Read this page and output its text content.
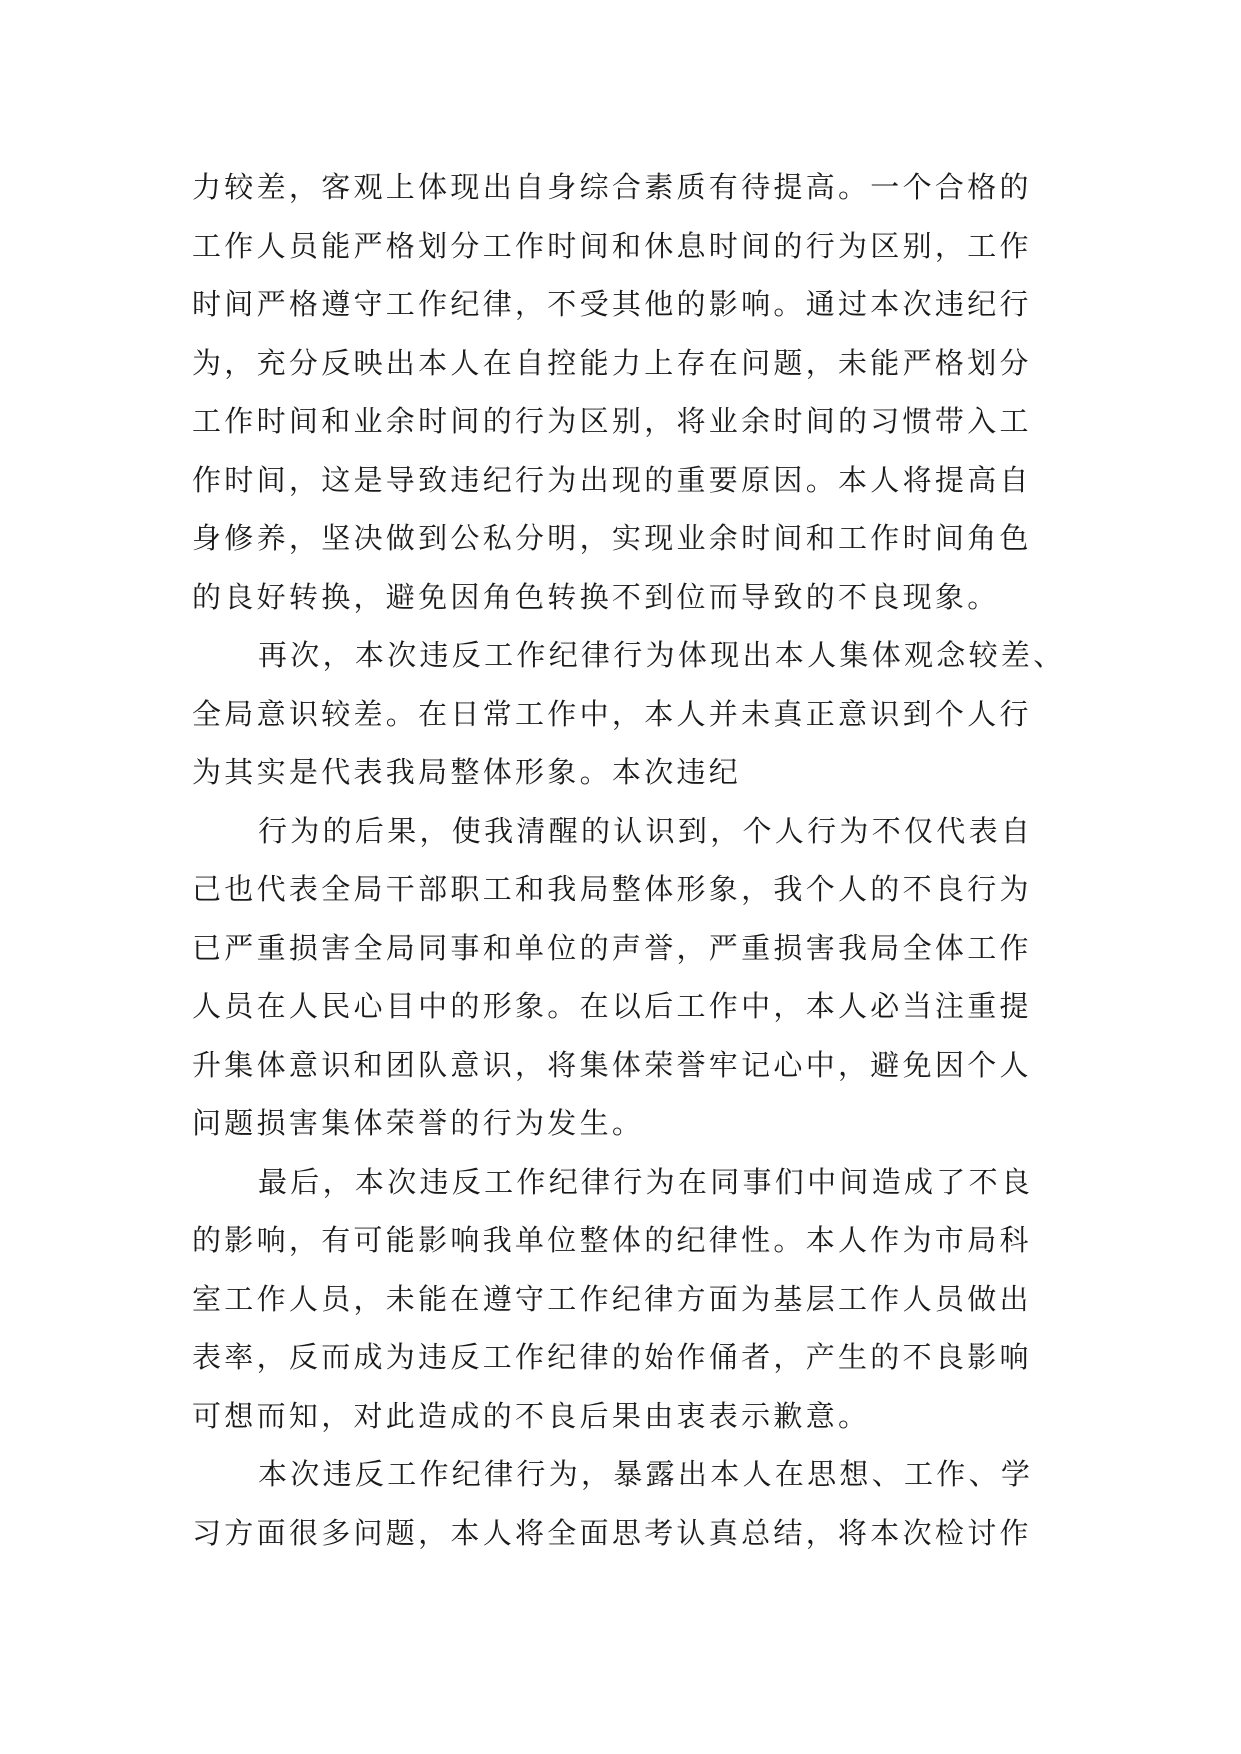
力较差，客观上体现出自身综合素质有待提高。一个合格的
工作人员能严格划分工作时间和休息时间的行为区别，工作
时间严格遵守工作纪律，不受其他的影响。通过本次违纪行
为，充分反映出本人在自控能力上存在问题，未能严格划分
工作时间和业余时间的行为区别，将业余时间的习惯带入工
作时间，这是导致违纪行为出现的重要原因。本人将提高自
身修养，坚决做到公私分明，实现业余时间和工作时间角色
的良好转换，避免因角色转换不到位而导致的不良现象。
再次，本次违反工作纪律行为体现出本人集体观念较差、
全局意识较差。在日常工作中，本人并未真正意识到个人行
为其实是代表我局整体形象。本次违纪
行为的后果，使我清醒的认识到，个人行为不仅代表自
己也代表全局干部职工和我局整体形象，我个人的不良行为
已严重损害全局同事和单位的声誉，严重损害我局全体工作
人员在人民心目中的形象。在以后工作中，本人必当注重提
升集体意识和团队意识，将集体荣誉牢记心中，避免因个人
问题损害集体荣誉的行为发生。
最后，本次违反工作纪律行为在同事们中间造成了不良
的影响，有可能影响我单位整体的纪律性。本人作为市局科
室工作人员，未能在遵守工作纪律方面为基层工作人员做出
表率，反而成为违反工作纪律的始作俑者，产生的不良影响
可想而知，对此造成的不良后果由衷表示歉意。
本次违反工作纪律行为，暴露出本人在思想、工作、学
习方面很多问题，本人将全面思考认真总结，将本次检讨作
